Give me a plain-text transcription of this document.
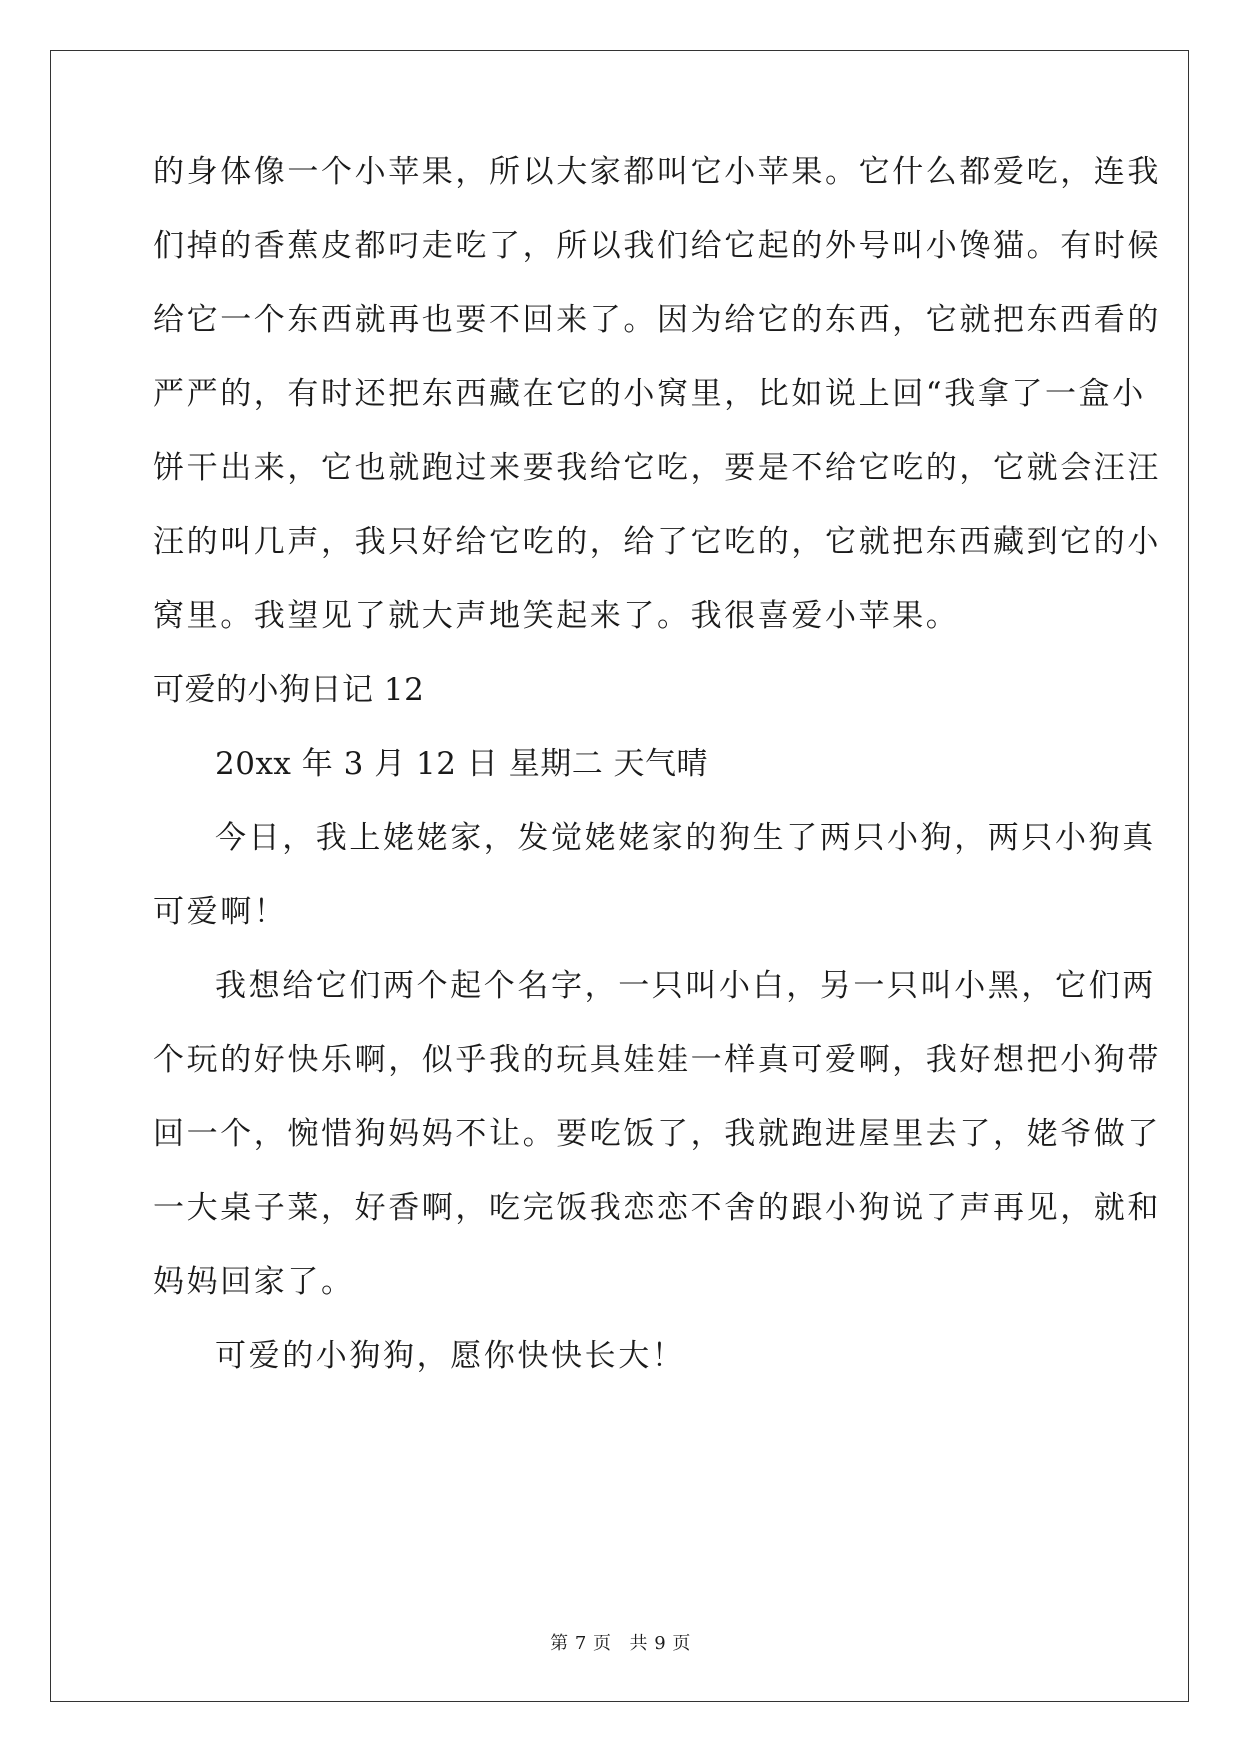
的身体像一个小苹果，所以大家都叫它小苹果。它什么都爱吃，连我
们掉的香蕉皮都叼走吃了，所以我们给它起的外号叫小馋猫。有时候
给它一个东西就再也要不回来了。因为给它的东西，它就把东西看的
严严的，有时还把东西藏在它的小窝里，比如说上回“我拿了一盒小
饼干出来，它也就跑过来要我给它吃，要是不给它吃的，它就会汪汪
汪的叫几声，我只好给它吃的，给了它吃的，它就把东西藏到它的小
窝里。我望见了就大声地笑起来了。我很喜爱小苹果。
可爱的小狗日记 12
20xx 年 3 月 12 日 星期二 天气晴
今日，我上姥姥家，发觉姥姥家的狗生了两只小狗，两只小狗真
可爱啊！
我想给它们两个起个名字，一只叫小白，另一只叫小黑，它们两
个玩的好快乐啊，似乎我的玩具娃娃一样真可爱啊，我好想把小狗带
回一个，惋惜狗妈妈不让。要吃饭了，我就跑进屋里去了，姥爷做了
一大桌子菜，好香啊，吃完饭我恋恋不舍的跟小狗说了声再见，就和
妈妈回家了。
可爱的小狗狗，愿你快快长大！
第 7 页 共 9 页
